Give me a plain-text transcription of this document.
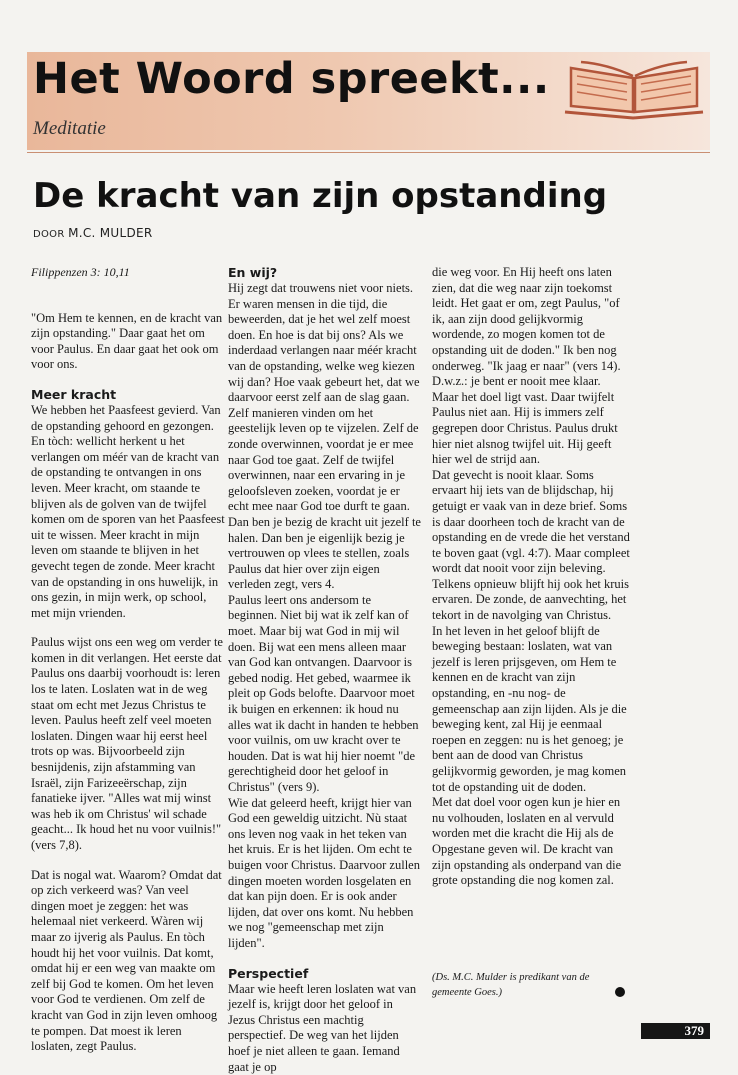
Het Woord spreekt...
Meditatie
De kracht van zijn opstanding
DOOR M.C. MULDER

Filippenzen 3: 10,11

"Om Hem te kennen, en de kracht van zijn opstanding." Daar gaat het om voor Paulus. En daar gaat het ook om voor ons.

Meer kracht

We hebben het Paasfeest gevierd. Van de opstanding gehoord en gezongen. En tòch: wellicht herkent u het verlangen om méér van de kracht van de opstanding te ontvangen in ons leven. Meer kracht, om staande te blijven als de golven van de twijfel komen om de sporen van het Paasfeest uit te wissen. Meer kracht in mijn leven om staande te blijven in het gevecht tegen de zonde. Meer kracht van de opstanding in ons huwelijk, in ons gezin, in mijn werk, op school, met mijn vrienden.

Paulus wijst ons een weg om verder te komen in dit verlangen. Het eerste dat Paulus ons daarbij voorhoudt is: leren los te laten. Loslaten wat in de weg staat om echt met Jezus Christus te leven. Paulus heeft zelf veel moeten loslaten. Dingen waar hij eerst heel trots op was. Bijvoorbeeld zijn besnijdenis, zijn afstamming van Israël, zijn Farizeeërschap, zijn fanatieke ijver. "Alles wat mij winst was heb ik om Christus' wil schade geacht... Ik houd het nu voor vuilnis!" (vers 7,8).

Dat is nogal wat. Waarom? Omdat dat op zich verkeerd was? Van veel dingen moet je zeggen: het was helemaal niet verkeerd. Wàren wij maar zo ijverig als Paulus. En tòch houdt hij het voor vuilnis. Dat komt, omdat hij er een weg van maakte om zelf bij God te komen. Om het leven voor God te verdienen. Om zelf de kracht van God in zijn leven omhoog te pompen. Dat moest ik leren loslaten, zegt Paulus.

En wij?

Hij zegt dat trouwens niet voor niets. Er waren mensen in die tijd, die beweerden, dat je het wel zelf moest doen. En hoe is dat bij ons? Als we inderdaad verlangen naar méér kracht van de opstanding, welke weg kiezen wij dan? Hoe vaak gebeurt het, dat we daarvoor eerst zelf aan de slag gaan. Zelf manieren vinden om het geestelijk leven op te vijzelen. Zelf de zonde overwinnen, voordat je er mee naar God toe gaat. Zelf de twijfel overwinnen, naar een ervaring in je geloofsleven zoeken, voordat je er echt mee naar God toe durft te gaan. Dan ben je bezig de kracht uit jezelf te halen. Dan ben je eigenlijk bezig je vertrouwen op vlees te stellen, zoals Paulus dat hier over zijn eigen verleden zegt, vers 4.

Paulus leert ons andersom te beginnen. Niet bij wat ik zelf kan of moet. Maar bij wat God in mij wil doen. Bij wat een mens alleen maar van God kan ontvangen. Daarvoor is gebed nodig. Het gebed, waarmee ik pleit op Gods belofte. Daarvoor moet ik buigen en erkennen: ik houd nu alles wat ik dacht in handen te hebben voor vuilnis, om uw kracht over te houden. Dat is wat hij hier noemt "de gerechtigheid door het geloof in Christus" (vers 9).

Wie dat geleerd heeft, krijgt hier van God een geweldig uitzicht. Nù staat ons leven nog vaak in het teken van het kruis. Er is het lijden. Om echt te buigen voor Christus. Daarvoor zullen dingen moeten worden losgelaten en dat kan pijn doen. Er is ook ander lijden, dat over ons komt. Nu hebben we nog "gemeenschap met zijn lijden".

Perspectief

Maar wie heeft leren loslaten wat van jezelf is, krijgt door het geloof in Jezus Christus een machtig perspectief. De weg van het lijden hoef je niet alleen te gaan. Iemand gaat je op

die weg voor. En Hij heeft ons laten zien, dat die weg naar zijn toekomst leidt. Het gaat er om, zegt Paulus, "of ik, aan zijn dood gelijkvormig wordende, zo mogen komen tot de opstanding uit de doden." Ik ben nog onderweg. "Ik jaag er naar" (vers 14). D.w.z.: je bent er nooit mee klaar. Maar het doel ligt vast. Daar twijfelt Paulus niet aan. Hij is immers zelf gegrepen door Christus. Paulus drukt hier niet alsnog twijfel uit. Hij geeft hier wel de strijd aan.

Dat gevecht is nooit klaar. Soms ervaart hij iets van de blijdschap, hij getuigt er vaak van in deze brief. Soms is daar doorheen toch de kracht van de opstanding en de vrede die het verstand te boven gaat (vgl. 4:7). Maar compleet wordt dat nooit voor zijn beleving. Telkens opnieuw blijft hij ook het kruis ervaren. De zonde, de aanvechting, het tekort in de navolging van Christus.

In het leven in het geloof blijft de beweging bestaan: loslaten, wat van jezelf is leren prijsgeven, om Hem te kennen en de kracht van zijn opstanding, en -nu nog- de gemeenschap aan zijn lijden. Als je die beweging kent, zal Hij je eenmaal roepen en zeggen: nu is het genoeg; je bent aan de dood van Christus gelijkvormig geworden, je mag komen tot de opstanding uit de doden.

Met dat doel voor ogen kun je hier en nu volhouden, loslaten en al vervuld worden met die kracht die Hij als de Opgestane geven wil. De kracht van zijn opstanding als onderpand van die grote opstanding die nog komen zal.

(Ds. M.C. Mulder is predikant van de gemeente Goes.)
379
